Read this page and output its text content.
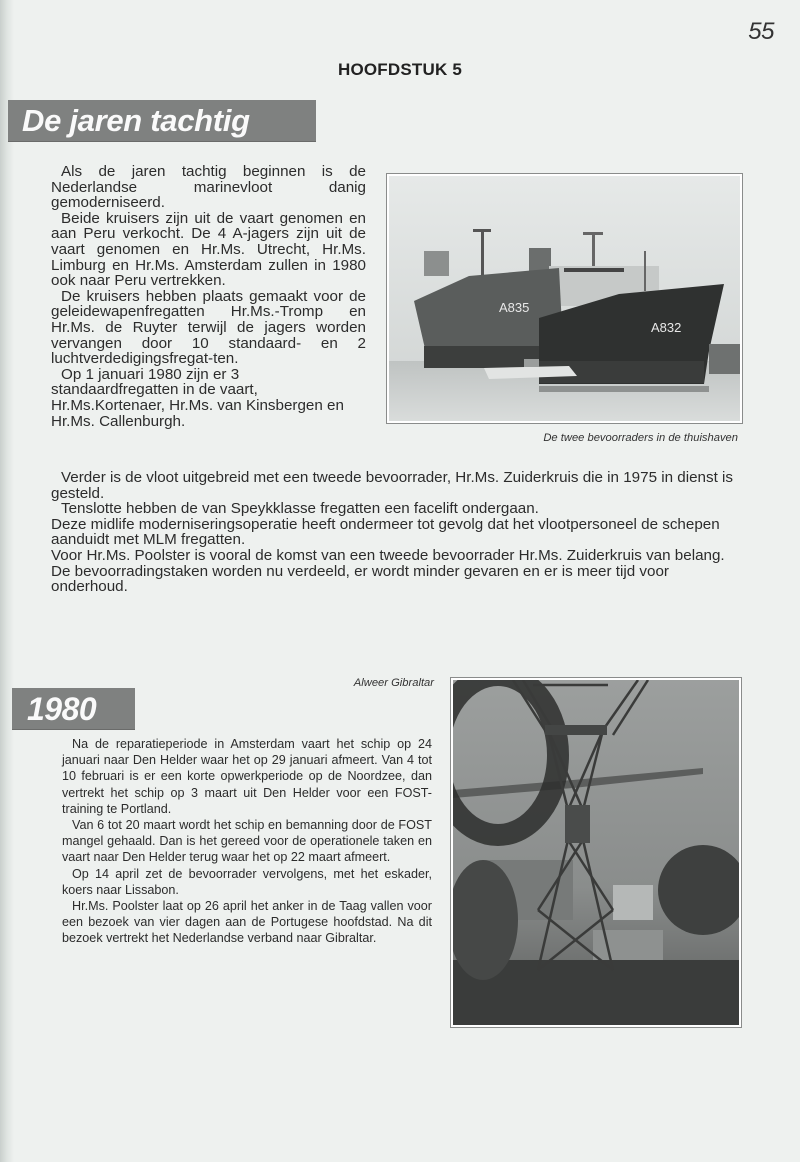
55
HOOFDSTUK 5
De jaren tachtig

Als de jaren tachtig beginnen is de Nederlandse marinevloot danig gemoderniseerd.

Beide kruisers zijn uit de vaart genomen en aan Peru verkocht. De 4 A-jagers zijn uit de vaart genomen en Hr.Ms. Utrecht, Hr.Ms. Limburg en Hr.Ms. Amsterdam zullen in 1980 ook naar Peru vertrekken.

De kruisers hebben plaats gemaakt voor de geleidewapenfregatten Hr.Ms.-Tromp en Hr.Ms. de Ruyter terwijl de jagers worden vervangen door 10 standaard- en 2 luchtverdedigingsfregat-ten.

Op 1 januari 1980 zijn er 3 standaardfregatten in de vaart, Hr.Ms.Kortenaer, Hr.Ms. van Kinsbergen en Hr.Ms. Callenburgh.

A835
A832
De twee bevoorraders in de thuishaven

Verder is de vloot uitgebreid met een tweede bevoorrader, Hr.Ms. Zuiderkruis die in 1975 in dienst is gesteld.

Tenslotte hebben de van Speykklasse fregatten een facelift ondergaan.

Deze midlife moderniseringsoperatie heeft ondermeer tot gevolg dat het vlootpersoneel de schepen aanduidt met MLM fregatten.

Voor Hr.Ms. Poolster is vooral de komst van een tweede bevoorrader Hr.Ms. Zuiderkruis van belang. De bevoorradingstaken worden nu verdeeld, er wordt minder gevaren en er is meer tijd voor onderhoud.

Alweer Gibraltar
1980

Na de reparatieperiode in Amsterdam vaart het schip op 24 januari naar Den Helder waar het op 29 januari afmeert. Van 4 tot 10 februari is er een korte opwerkperiode op de Noordzee, dan vertrekt het schip op 3 maart uit Den Helder voor een FOST-training te Portland.

Van 6 tot 20 maart wordt het schip en bemanning door de FOST mangel gehaald. Dan is het gereed voor de operationele taken en vaart naar Den Helder terug waar het op 22 maart afmeert.

Op 14 april zet de bevoorrader vervolgens, met het eskader, koers naar Lissabon.

Hr.Ms. Poolster laat op 26 april het anker in de Taag vallen voor een bezoek van vier dagen aan de Portugese hoofdstad. Na dit bezoek vertrekt het Nederlandse verband naar Gibraltar.
